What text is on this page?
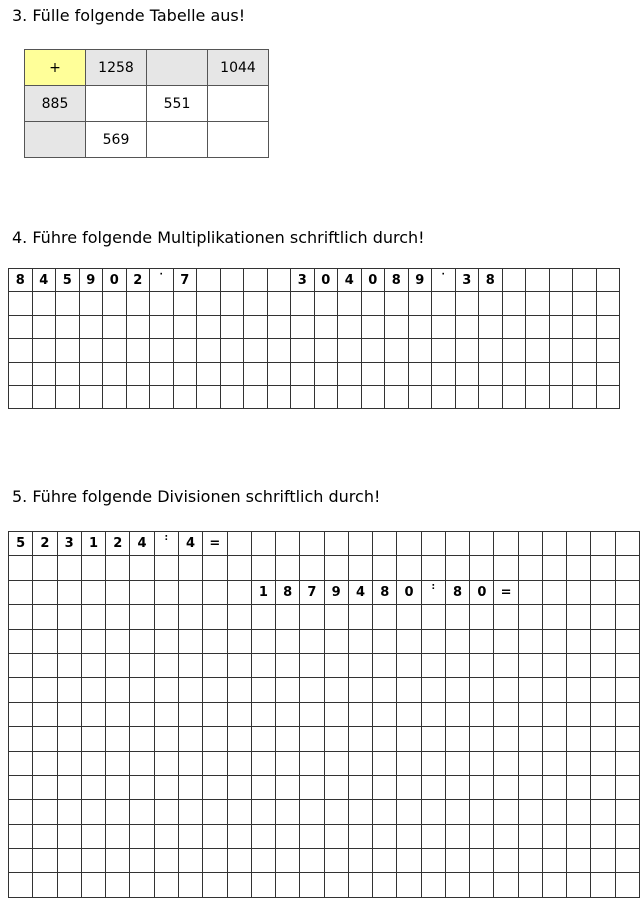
3. Fülle folgende Tabelle aus!
+	1258		1044
885		551	
	569		
4. Führe folgende Multiplikationen schriftlich durch!
8	4	5	9	0	2	·	7					3	0	4	0	8	9	·	3	8					

5. Führe folgende Divisionen schriftlich durch!
5	2	3	1	2	4	:	4	=																	

										1	8	7	9	4	8	0	:	8	0	=					
